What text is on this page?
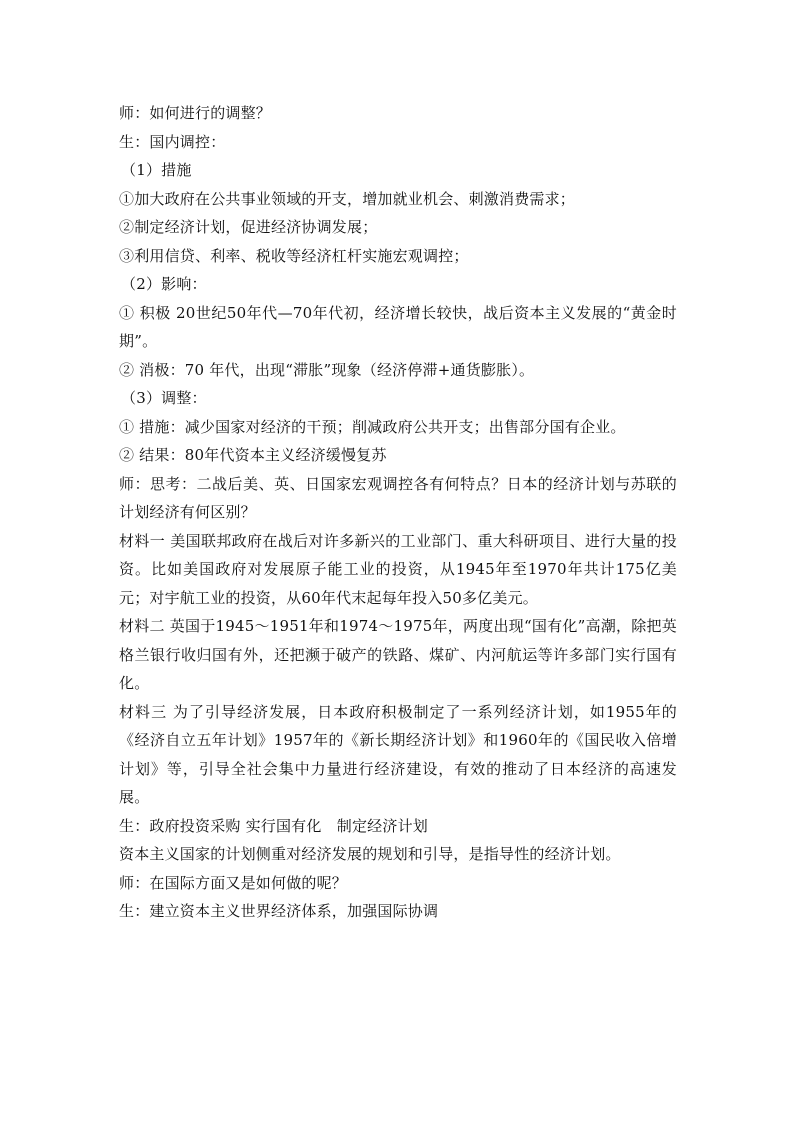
师：如何进行的调整？

生：国内调控：

（1）措施

①加大政府在公共事业领域的开支，增加就业机会、刺激消费需求；

②制定经济计划，促进经济协调发展；

③利用信贷、利率、税收等经济杠杆实施宏观调控；

（2）影响：

① 积极 20世纪50年代—70年代初，经济增长较快，战后资本主义发展的“黄金时期”。

② 消极：70 年代，出现“滞胀”现象（经济停滞+通货膨胀）。

（3）调整：

① 措施：减少国家对经济的干预；削减政府公共开支；出售部分国有企业。

② 结果：80年代资本主义经济缓慢复苏

师：思考：二战后美、英、日国家宏观调控各有何特点？日本的经济计划与苏联的计划经济有何区别？

材料一 美国联邦政府在战后对许多新兴的工业部门、重大科研项目、进行大量的投资。比如美国政府对发展原子能工业的投资，从1945年至1970年共计175亿美元；对宇航工业的投资，从60年代末起每年投入50多亿美元。

材料二 英国于1945～1951年和1974～1975年，两度出现“国有化”高潮，除把英格兰银行收归国有外，还把濒于破产的铁路、煤矿、内河航运等许多部门实行国有化。

材料三 为了引导经济发展，日本政府积极制定了一系列经济计划，如1955年的《经济自立五年计划》1957年的《新长期经济计划》和1960年的《国民收入倍增计划》等，引导全社会集中力量进行经济建设，有效的推动了日本经济的高速发展。

生：政府投资采购 实行国有化　制定经济计划

资本主义国家的计划侧重对经济发展的规划和引导，是指导性的经济计划。

师：在国际方面又是如何做的呢？

生：建立资本主义世界经济体系，加强国际协调
